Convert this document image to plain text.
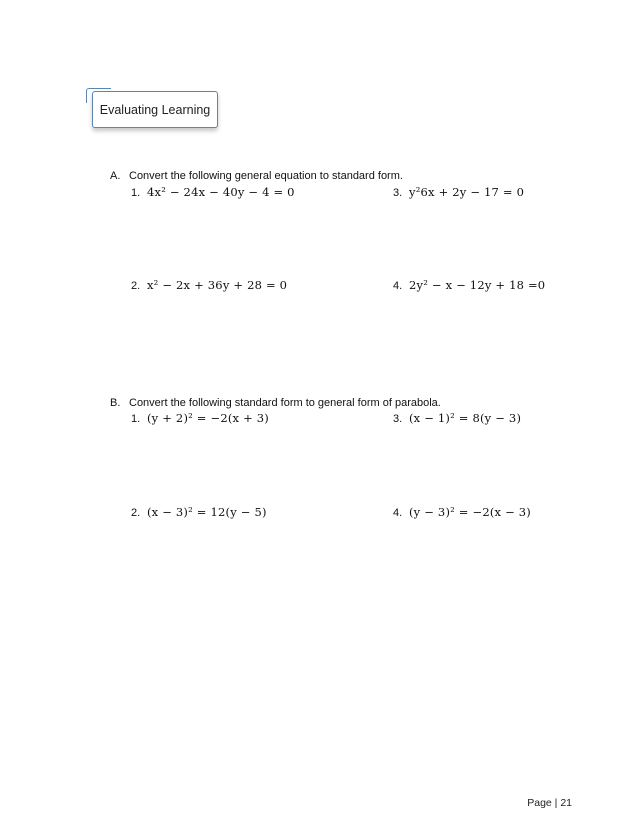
Evaluating Learning
A. Convert the following general equation to standard form.
1. 4x² − 24x − 40y − 4 = 0	3. y²6x + 2y − 17 = 0
2. x² − 2x + 36y + 28 = 0	4. 2y² − x − 12y + 18 =0
B. Convert the following standard form to general form of parabola.
1. (y + 2)² = −2(x + 3)	3. (x − 1)² = 8(y − 3)
2. (x − 3)² = 12(y − 5)	4. (y − 3)² = −2(x − 3)
Page | 21
